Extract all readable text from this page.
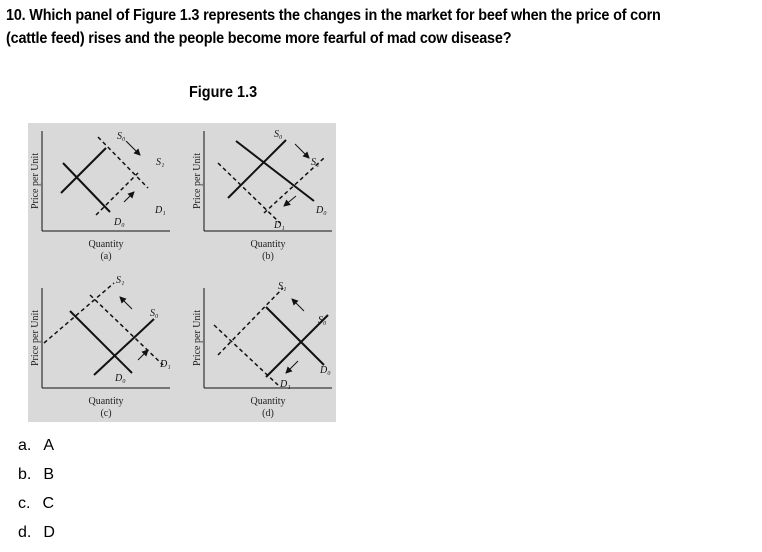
10. Which panel of Figure 1.3 represents the changes in the market for beef when the price of corn
(cattle feed) rises and the people become more fearful of mad cow disease?
Figure 1.3
Price per Unit
S₀
S₁
D₀
D₁
Quantity
(a)
Price per Unit
S₀
S₁
D₀
D₁
Quantity
(b)
Price per Unit	S₀
S₁
D₀
D₁
Quantity
(c)
Price per Unit	S₀
S₁
D₀
D₁
Quantity
(d)
a. A
b. B
c. C
d. D
